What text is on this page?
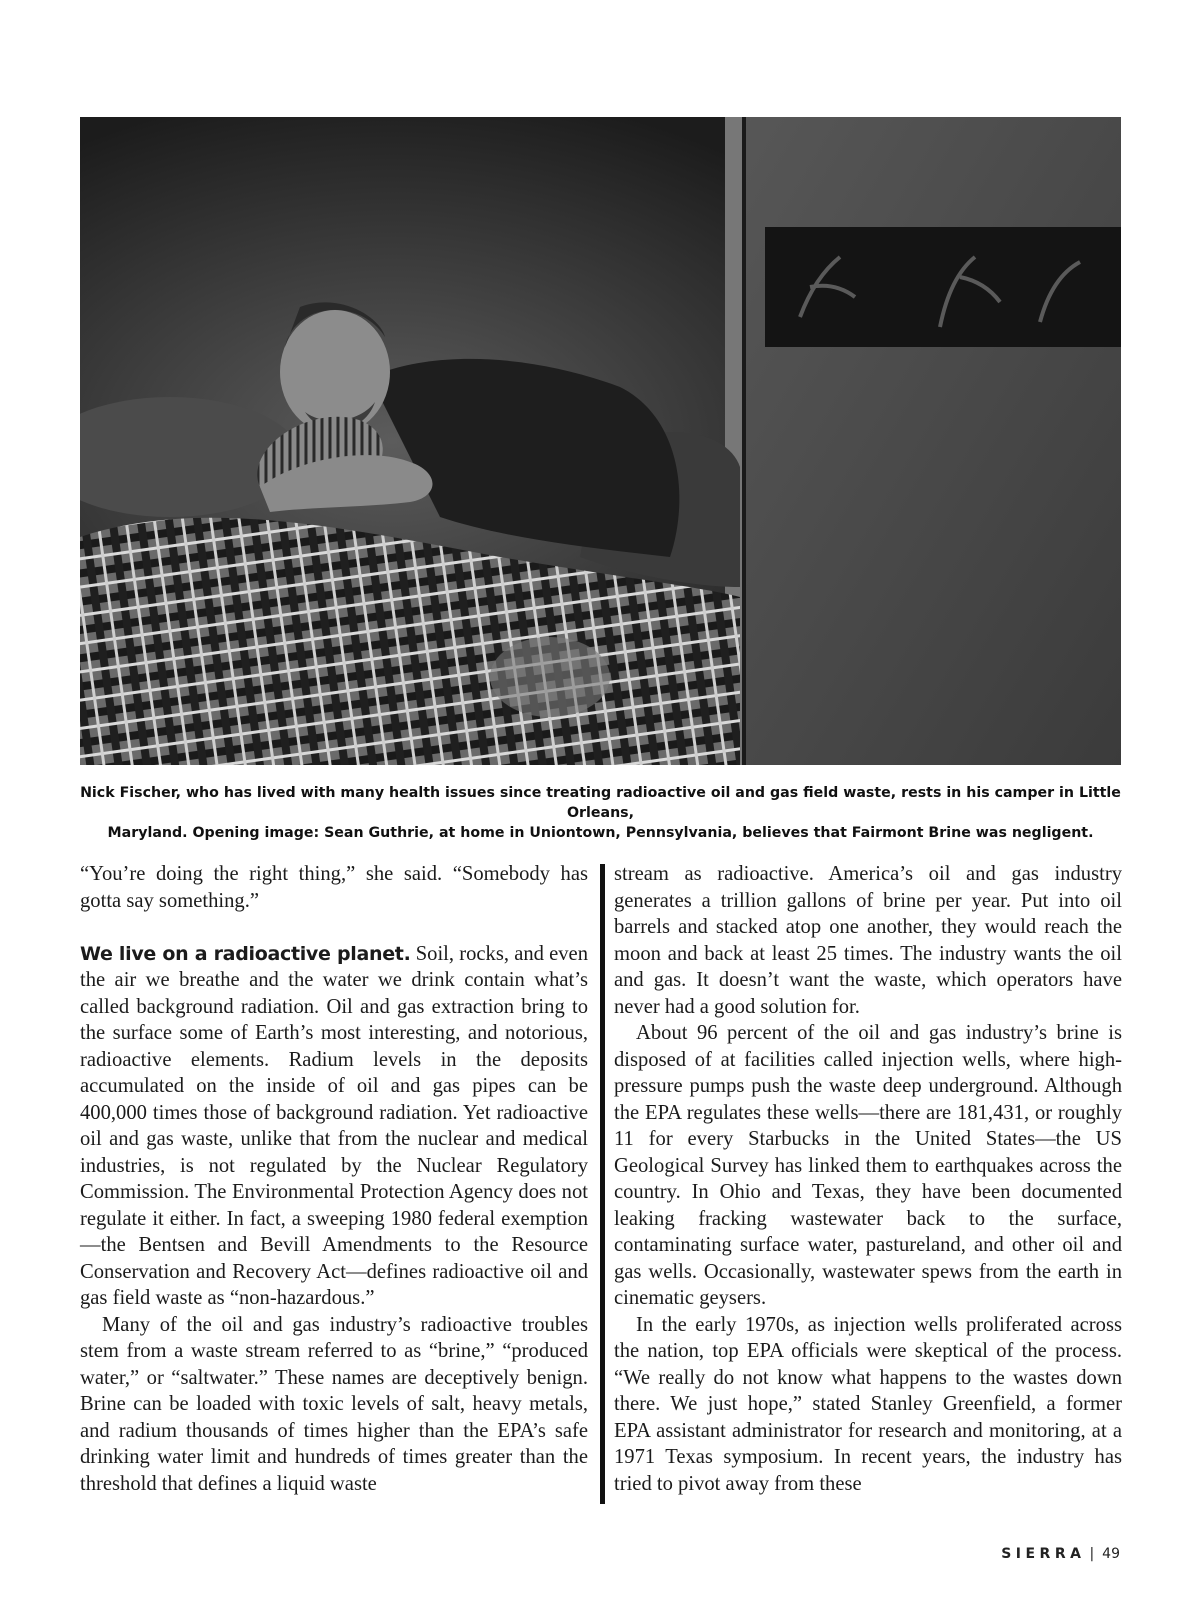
Nick Fischer, who has lived with many health issues since treating radioactive oil and gas field waste, rests in his camper in Little Orleans,
Maryland. Opening image: Sean Guthrie, at home in Uniontown, Pennsylvania, believes that Fairmont Brine was negligent.

“You’re doing the right thing,” she said. “Somebody has gotta say something.”

We live on a radioactive planet. Soil, rocks, and even the air we breathe and the water we drink contain what’s called background radiation. Oil and gas extraction bring to the surface some of Earth’s most interesting, and notorious, radioactive elements. Radium levels in the deposits accumulated on the inside of oil and gas pipes can be 400,000 times those of background radiation. Yet radioactive oil and gas waste, unlike that from the nuclear and medical industries, is not regulated by the Nuclear Regulatory Commission. The Environmental Protection Agency does not regulate it either. In fact, a sweeping 1980 federal exemption—the Bentsen and Bevill Amendments to the Resource Conservation and Recovery Act—defines radioactive oil and gas field waste as “non-hazardous.”

Many of the oil and gas industry’s radioactive troubles stem from a waste stream referred to as “brine,” “produced water,” or “saltwater.” These names are deceptively benign. Brine can be loaded with toxic levels of salt, heavy metals, and radium thousands of times higher than the EPA’s safe drinking water limit and hundreds of times greater than the threshold that defines a liquid waste

stream as radioactive. America’s oil and gas industry generates a trillion gallons of brine per year. Put into oil barrels and stacked atop one another, they would reach the moon and back at least 25 times. The industry wants the oil and gas. It doesn’t want the waste, which operators have never had a good solution for.

About 96 percent of the oil and gas industry’s brine is disposed of at facilities called injection wells, where high-pressure pumps push the waste deep underground. Although the EPA regulates these wells—there are 181,431, or roughly 11 for every Starbucks in the United States—the US Geological Survey has linked them to earthquakes across the country. In Ohio and Texas, they have been documented leaking fracking wastewater back to the surface, contaminating surface water, pastureland, and other oil and gas wells. Occasionally, wastewater spews from the earth in cinematic geysers.

In the early 1970s, as injection wells proliferated across the nation, top EPA officials were skeptical of the process. “We really do not know what happens to the wastes down there. We just hope,” stated Stanley Greenfield, a former EPA assistant administrator for research and monitoring, at a 1971 Texas symposium. In recent years, the industry has tried to pivot away from these

SIERRA | 49
